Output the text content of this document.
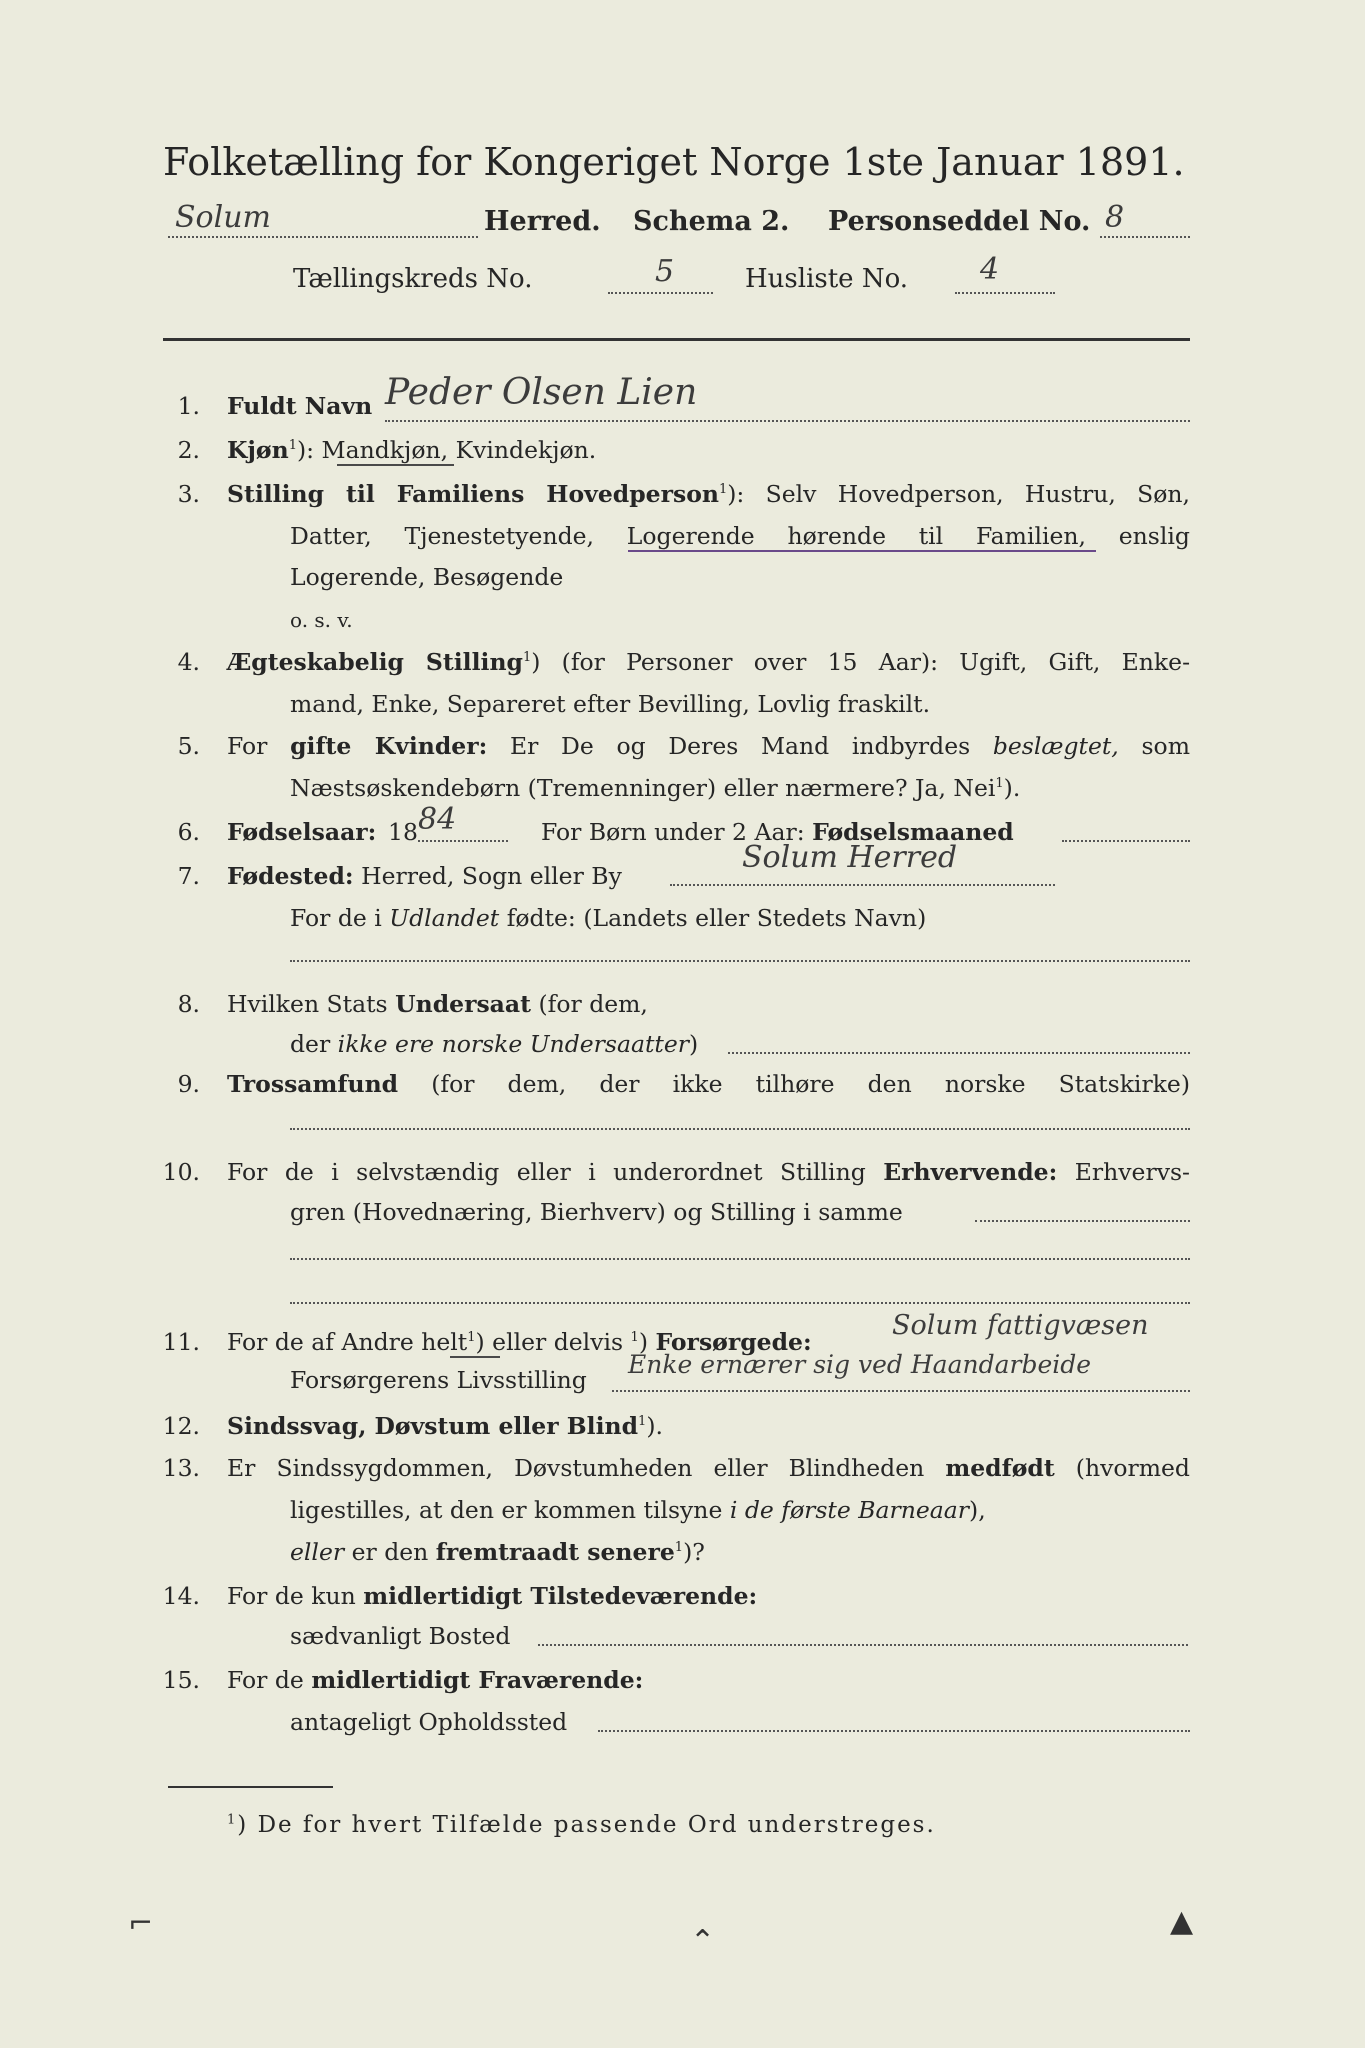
Folketælling for Kongeriget Norge 1ste Januar 1891.
Solum	Herred. Schema 2. Personseddel No. 8
Tællingskreds No.	5	Husliste No. 4
1. Fuldt Navn Peder Olsen Lien
2. Kjøn$^1$): Mandkjøn, Kvindekjøn.
3. Stilling til Familiens Hovedperson$^1$): Selv Hovedperson, Hustru, Søn,
Datter, Tjenestetyende, Logerende hørende til Familien, enslig
Logerende, Besøgende
o. s. v.
4. Ægteskabelig Stilling$^1$) (for Personer over 15 Aar): Ugift, Gift, Enke-
mand, Enke, Separeret efter Bevilling, Lovlig fraskilt.
5. For gifte Kvinder: Er De og Deres Mand indbyrdes beslægtet, som
Næstsøskendebørn (Tremenninger) eller nærmere? Ja, Nei$^1$).
6. Fødselsaar: 18 84	For Børn under 2 Aar: Fødselsmaaned
7. Fødested: Herred, Sogn eller By
Solum Herred
For de i Udlandet fødte: (Landets eller Stedets Navn)
8. Hvilken Stats Undersaat (for dem,
der ikke ere norske Undersaatter)
9. Trossamfund (for dem, der ikke tilhøre den norske Statskirke)
10. For de i selvstændig eller i underordnet Stilling Erhvervende: Erhvervs-
gren (Hovednæring, Bierhverv) og Stilling i samme
11. For de af Andre helt$^1$) eller delvis $^1$) Forsørgede:
Solum fattigvæsen
Forsørgerens Livsstilling
Enke ernærer sig ved Haandarbeide
12. Sindssvag, Døvstum eller Blind$^1$).
13. Er Sindssygdommen, Døvstumheden eller Blindheden medfødt (hvormed
ligestilles, at den er kommen tilsyne i de første Barneaar),
eller er den fremtraadt senere$^1$)?
14. For de kun midlertidigt Tilstedeværende:
sædvanligt Bosted
15. For de midlertidigt Fraværende:
antageligt Opholdssted
$^1$) De for hvert Tilfælde passende Ord understreges.
⌐
⌃
▲
